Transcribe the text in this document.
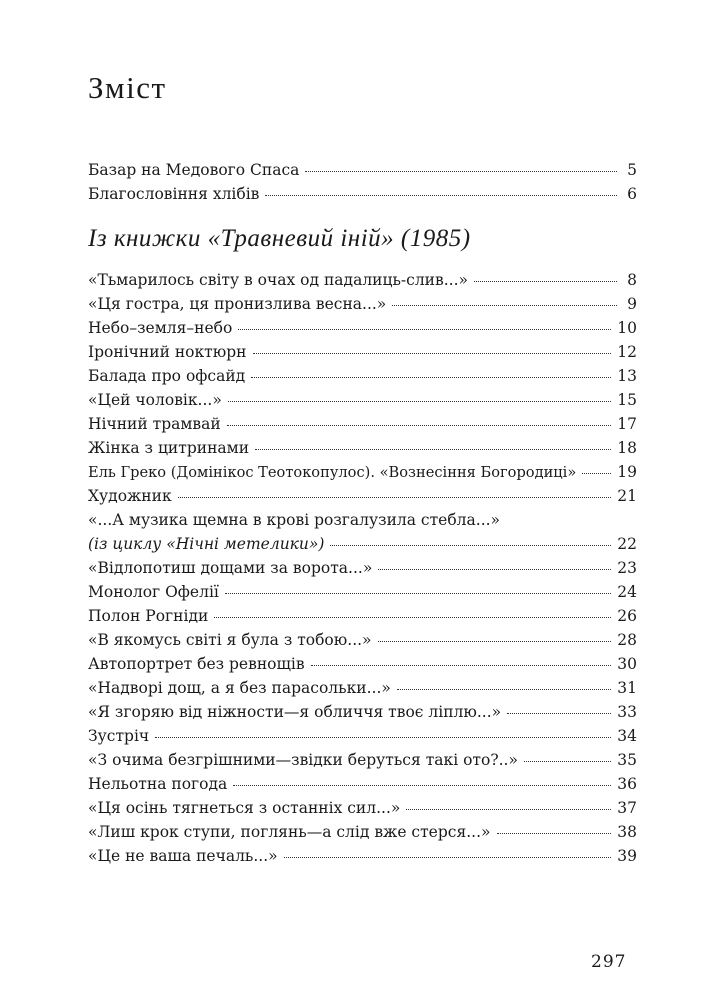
Зміст
Базар на Медового Спаса	5
Благословіння хлібів	6
Із книжки «Травневий іній» (1985)
«Тьмарилось світу в очах од падалиць-слив...»	8
«Ця гостра, ця пронизлива весна...»	9
Небо–земля–небо	10
Іронічний ноктюрн	12
Балада про офсайд	13
«Цей чоловік...»	15
Нічний трамвай	17
Жінка з цитринами	18
Ель Греко (Домінікос Теотокопулос). «Вознесіння Богородиці»	19
Художник	21
«...А музика щемна в крові розгалузила стебла...»
(із циклу «Нічні метелики»)	22
«Відлопотиш дощами за ворота...»	23
Монолог Офелії	24
Полон Рогніди	26
«В якомусь світі я була з тобою...»	28
Автопортрет без ревнощів	30
«Надворі дощ, а я без парасольки...»	31
«Я згоряю від ніжности—я обличчя твоє ліплю...»	33
Зустріч	34
«З очима безгрішними—звідки беруться такі ото?..»	35
Нельотна погода	36
«Ця осінь тягнеться з останніх сил...»	37
«Лиш крок ступи, поглянь—а слід вже стерся...»	38
«Це не ваша печаль...»	39
297
